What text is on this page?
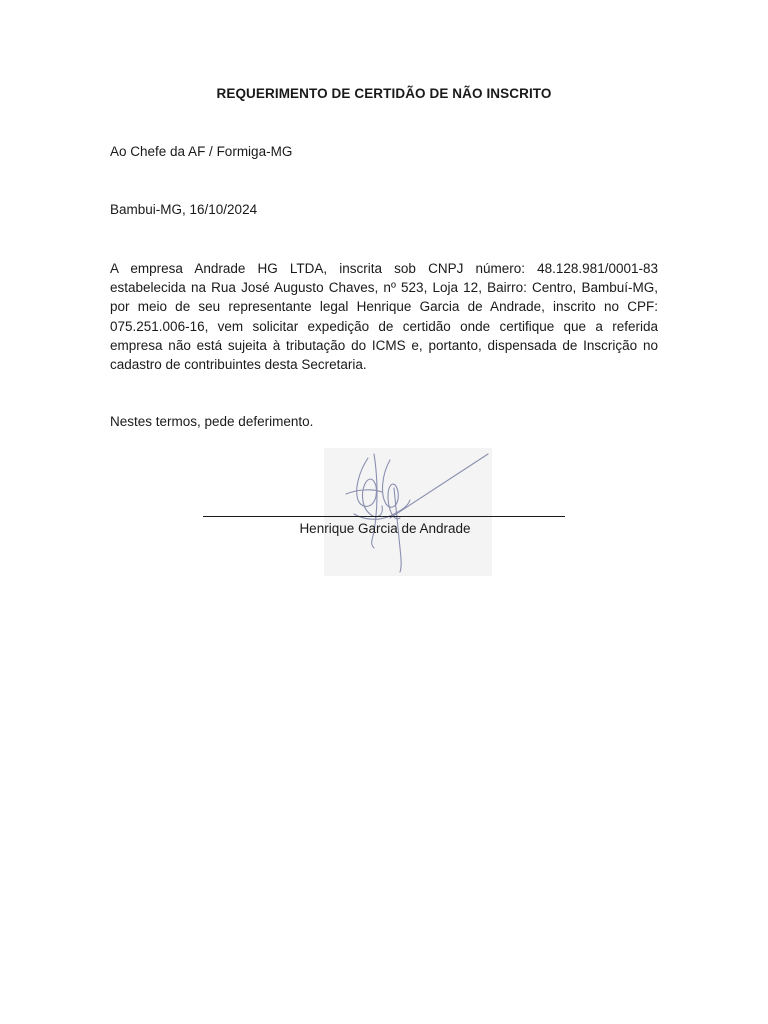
REQUERIMENTO DE CERTIDÃO DE NÃO INSCRITO
Ao Chefe da AF / Formiga-MG
Bambui-MG, 16/10/2024

A empresa Andrade HG LTDA, inscrita sob CNPJ número: 48.128.981/0001-83 estabelecida na Rua José Augusto Chaves, nº 523, Loja 12, Bairro: Centro, Bambuí-MG, por meio de seu representante legal Henrique Garcia de Andrade, inscrito no CPF: 075.251.006-16, vem solicitar expedição de certidão onde certifique que a referida empresa não está sujeita à tributação do ICMS e, portanto, dispensada de Inscrição no cadastro de contribuintes desta Secretaria.

Nestes termos, pede deferimento.
Henrique Garcia de Andrade
